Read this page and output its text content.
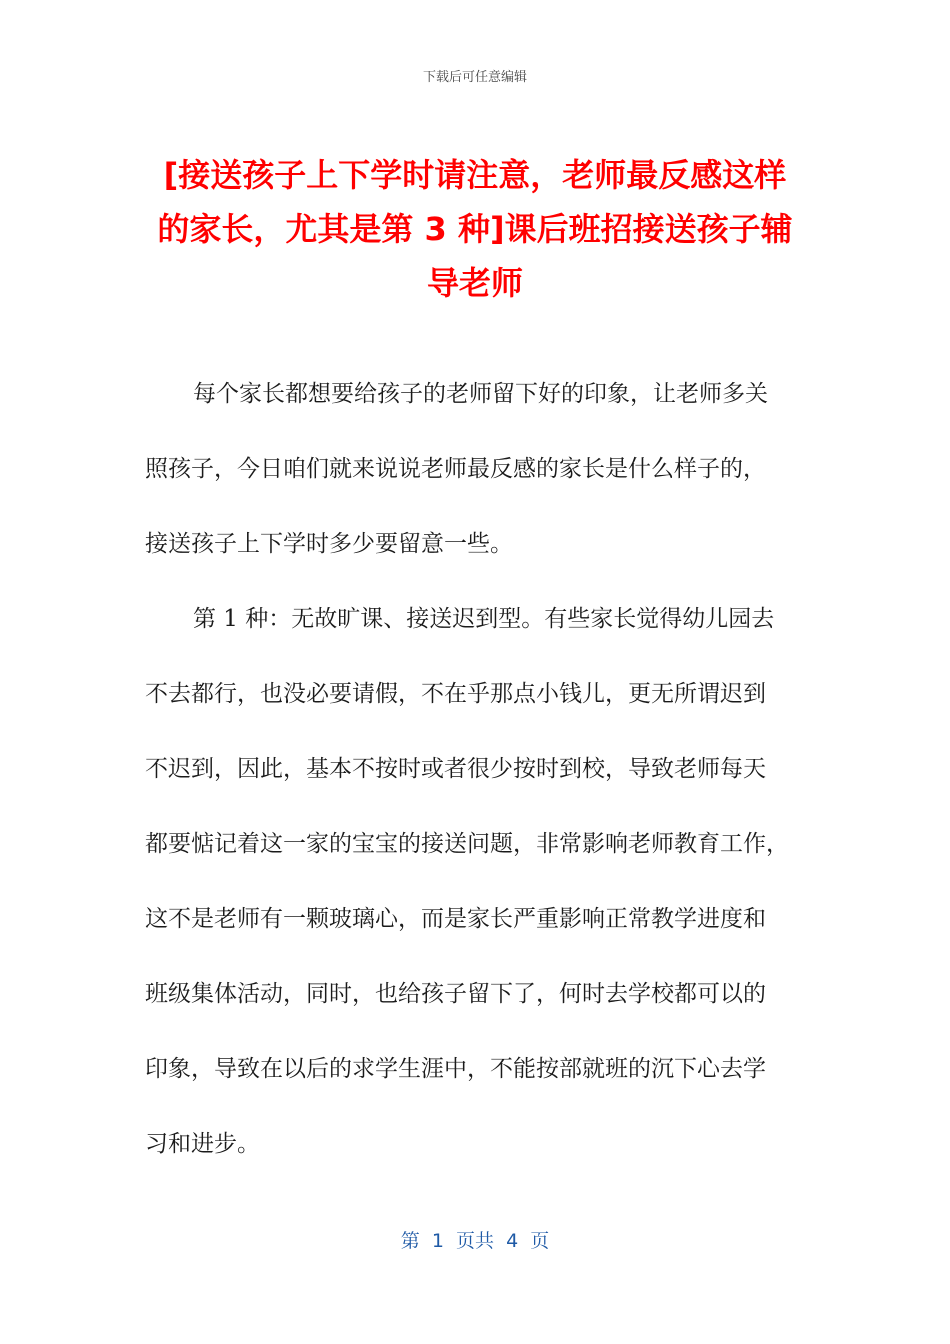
下载后可任意编辑
[接送孩子上下学时请注意，老师最反感这样
的家长，尤其是第 3 种]课后班招接送孩子辅
导老师
每个家长都想要给孩子的老师留下好的印象，让老师多关
照孩子，今日咱们就来说说老师最反感的家长是什么样子的，
接送孩子上下学时多少要留意一些。
第 1 种：无故旷课、接送迟到型。有些家长觉得幼儿园去
不去都行，也没必要请假，不在乎那点小钱儿，更无所谓迟到
不迟到，因此，基本不按时或者很少按时到校，导致老师每天
都要惦记着这一家的宝宝的接送问题，非常影响老师教育工作，
这不是老师有一颗玻璃心，而是家长严重影响正常教学进度和
班级集体活动，同时，也给孩子留下了，何时去学校都可以的
印象，导致在以后的求学生涯中，不能按部就班的沉下心去学
习和进步。
第  1  页共  4  页
